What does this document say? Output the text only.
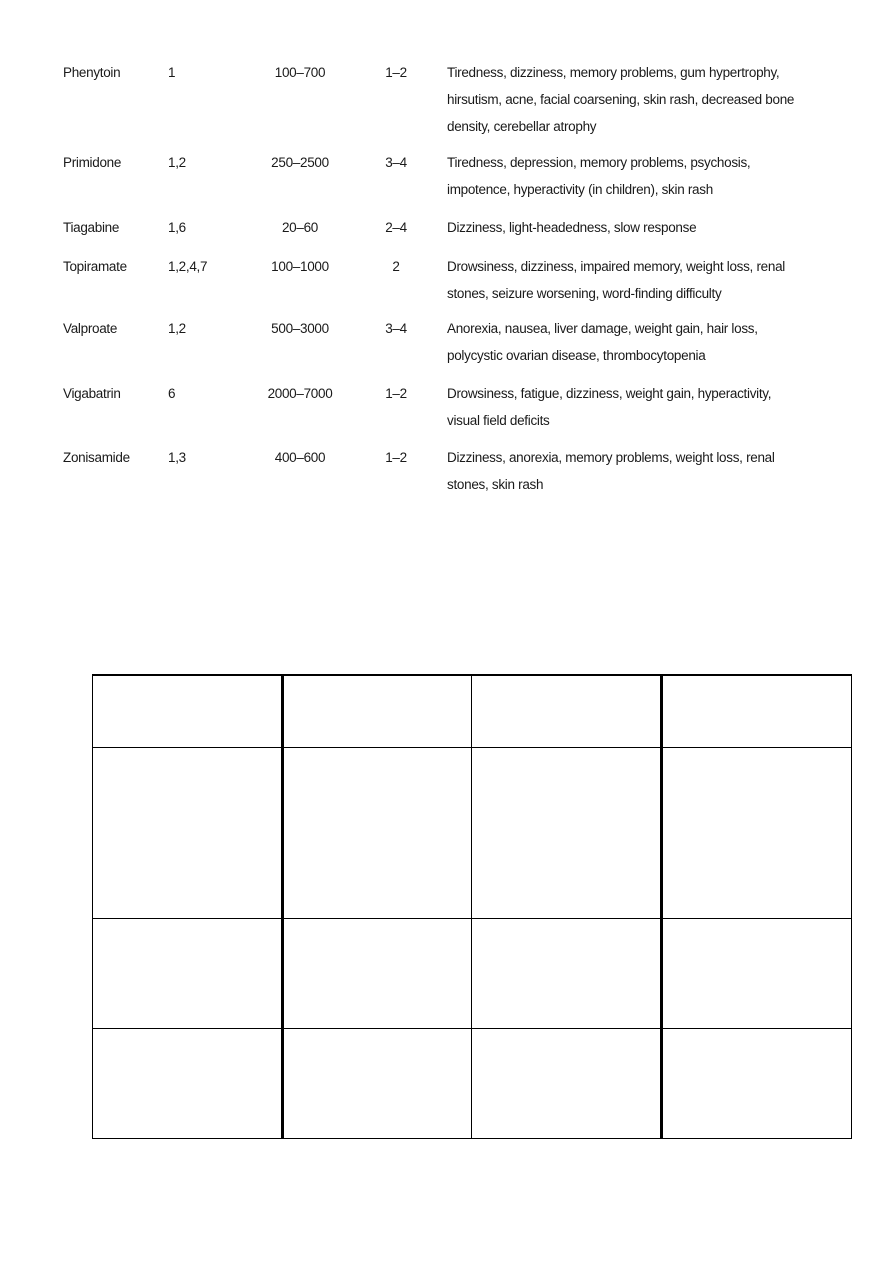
Phenytoin	1	100–700	1–2	Tiredness, dizziness, memory problems, gum hypertrophy, hirsutism, acne, facial coarsening, skin rash, decreased bone density, cerebellar atrophy
Primidone	1,2	250–2500	3–4	Tiredness, depression, memory problems, psychosis, impotence, hyperactivity (in children), skin rash
Tiagabine	1,6	20–60	2–4	Dizziness, light-headedness, slow response
Topiramate	1,2,4,7	100–1000	2	Drowsiness, dizziness, impaired memory, weight loss, renal stones, seizure worsening, word-finding difficulty
Valproate	1,2	500–3000	3–4	Anorexia, nausea, liver damage, weight gain, hair loss, polycystic ovarian disease, thrombocytopenia
Vigabatrin	6	2000–7000	1–2	Drowsiness, fatigue, dizziness, weight gain, hyperactivity, visual field deficits
Zonisamide	1,3	400–600	1–2	Dizziness, anorexia, memory problems, weight loss, renal stones, skin rash
